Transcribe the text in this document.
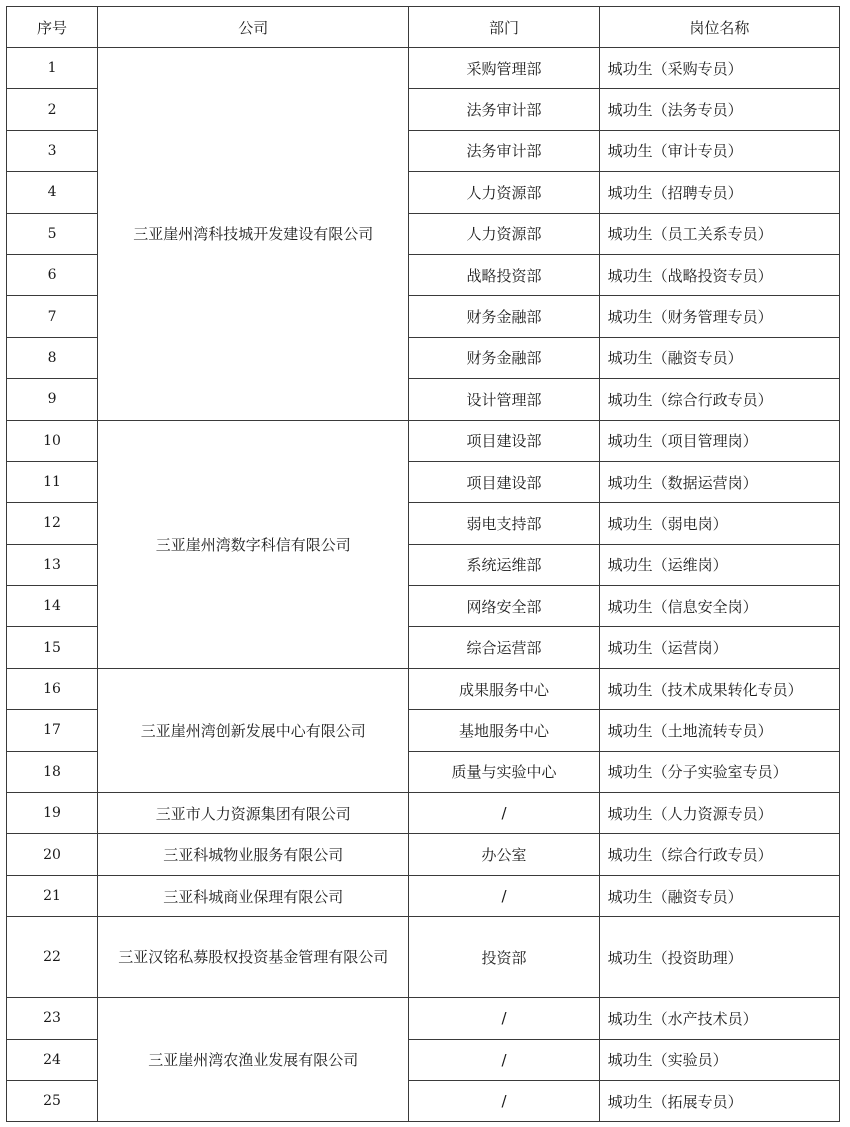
序号	公司	部门	岗位名称
1	三亚崖州湾科技城开发建设有限公司	采购管理部	城功生（采购专员）
2		法务审计部	城功生（法务专员）
3		法务审计部	城功生（审计专员）
4		人力资源部	城功生（招聘专员）
5		人力资源部	城功生（员工关系专员）
6		战略投资部	城功生（战略投资专员）
7		财务金融部	城功生（财务管理专员）
8		财务金融部	城功生（融资专员）
9		设计管理部	城功生（综合行政专员）
10	三亚崖州湾数字科信有限公司	项目建设部	城功生（项目管理岗）
11		项目建设部	城功生（数据运营岗）
12		弱电支持部	城功生（弱电岗）
13		系统运维部	城功生（运维岗）
14		网络安全部	城功生（信息安全岗）
15		综合运营部	城功生（运营岗）
16	三亚崖州湾创新发展中心有限公司	成果服务中心	城功生（技术成果转化专员）
17		基地服务中心	城功生（土地流转专员）
18		质量与实验中心	城功生（分子实验室专员）
19	三亚市人力资源集团有限公司	/	城功生（人力资源专员）
20	三亚科城物业服务有限公司	办公室	城功生（综合行政专员）
21	三亚科城商业保理有限公司	/	城功生（融资专员）
22	三亚汉铭私募股权投资基金管理有限公司	投资部	城功生（投资助理）
23	三亚崖州湾农渔业发展有限公司	/	城功生（水产技术员）
24		/	城功生（实验员）
25		/	城功生（拓展专员）
